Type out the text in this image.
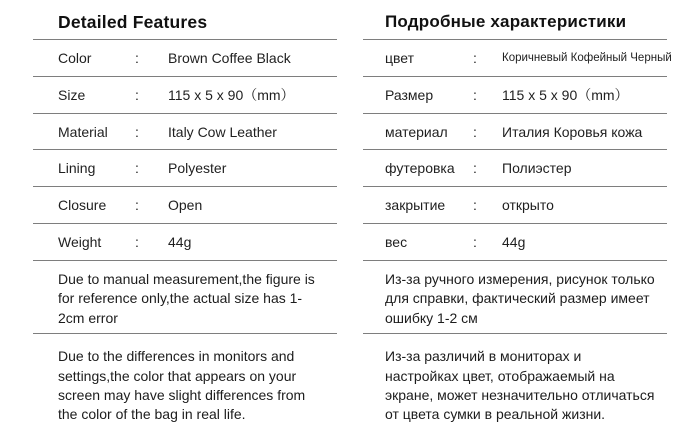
Detailed Features
Color	:	Brown Coffee Black
Size	:	115 x 5 x 90（mm）
Material	:	Italy Cow Leather
Lining	:	Polyester
Closure	:	Open
Weight	:	44g

Due to manual measurement,the figure is for reference only,the actual size has 1-2cm error

Due to the differences in monitors and settings,the color that appears on your screen may have slight differences from the color of the bag in real life.

Подробные характеристики
цвет	:	Коричневый Кофейный Черный
Размер	:	115 x 5 x 90（mm）
материал	:	Италия Коровья кожа
футеровка	:	Полиэстер
закрытие	:	открыто
вес	:	44g

Из-за ручного измерения, рисунок только для справки, фактический размер имеет ошибку 1-2 см

Из-за различий в мониторах и настройках цвет, отображаемый на экране, может незначительно отличаться от цвета сумки в реальной жизни.
